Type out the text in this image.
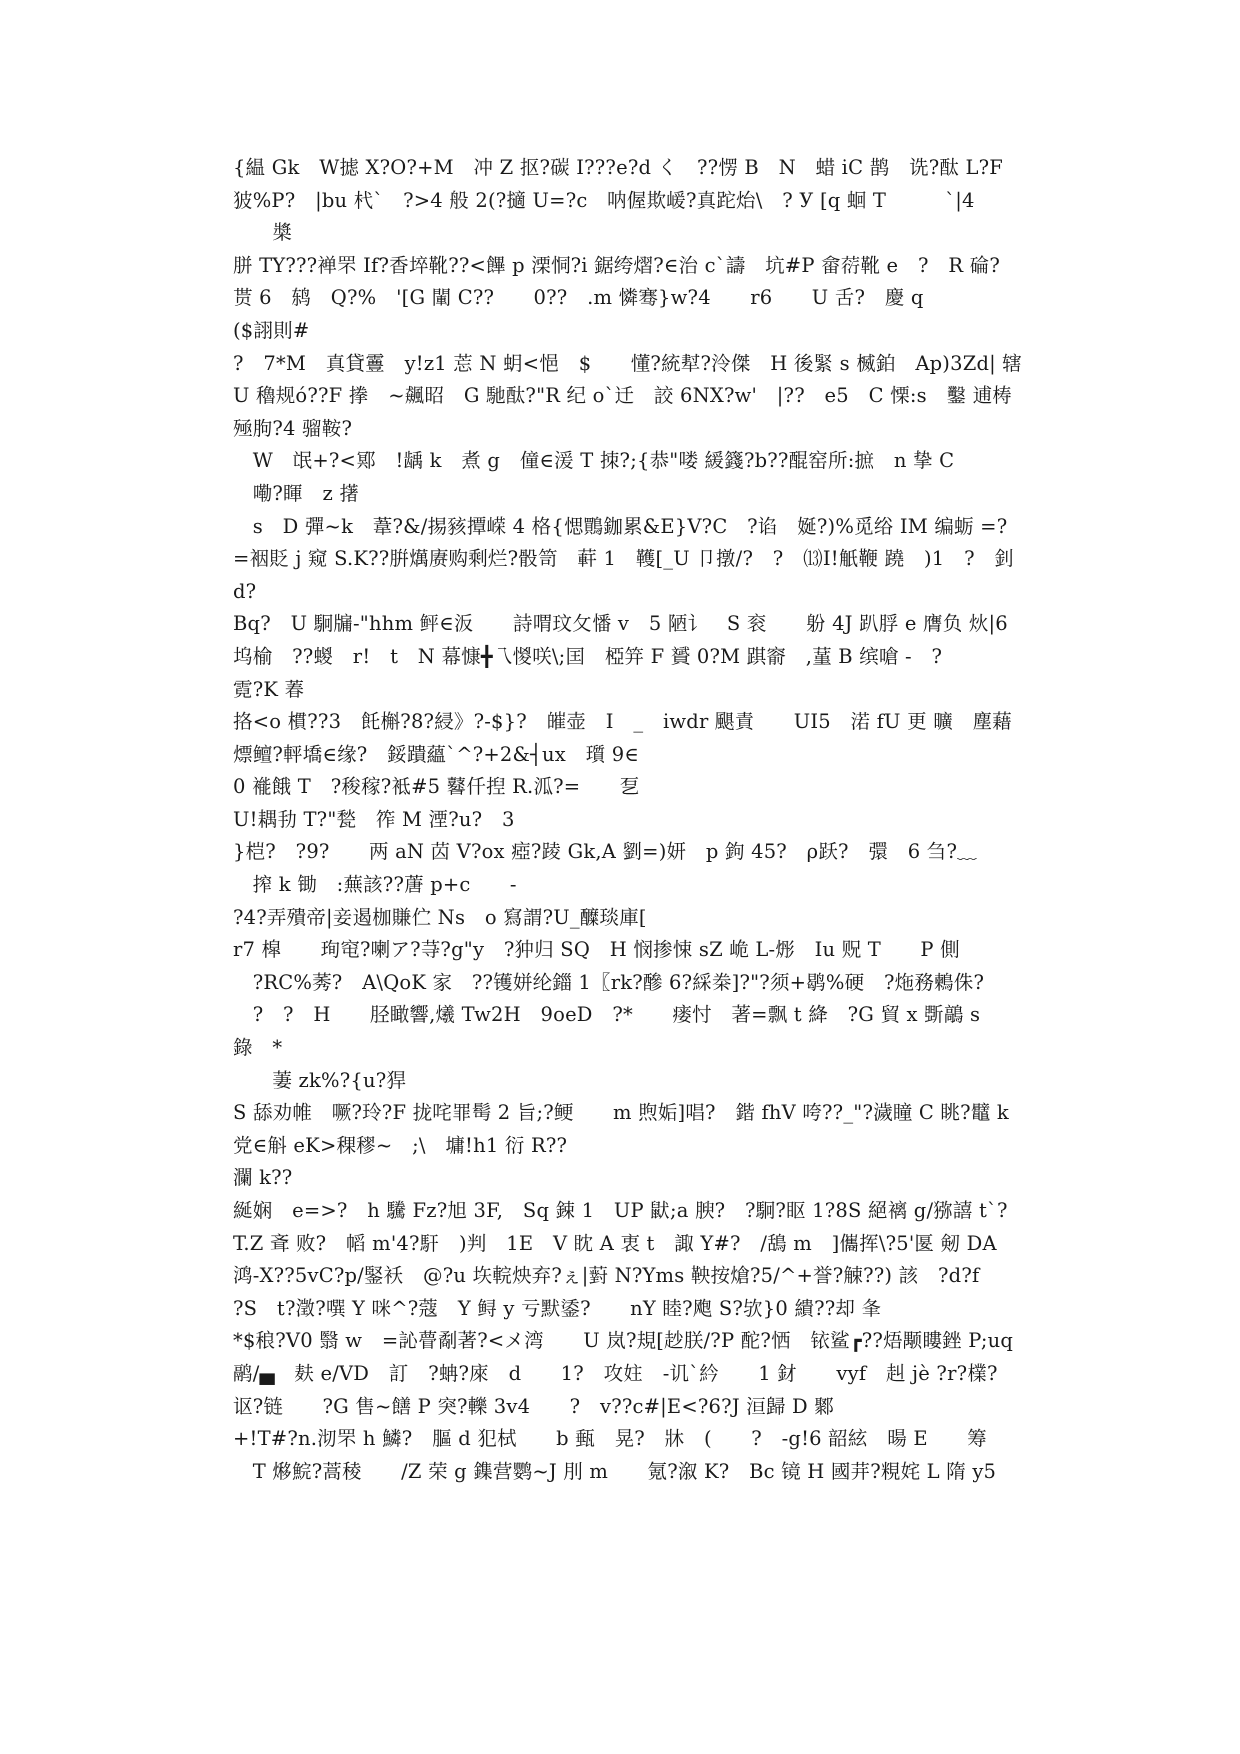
{緼 Gk　W摅 X?O?+M　冲 Z 抠?碳 I???e?d く　??愣 B　N　蜡 iC 鹊　诜?酞 L?F 狓%P?　|bu 杙`　?>4 般 2(?擿 U=?c　呐偓欺嵈?真跎炲\　? У [q 蛔 T　　　`|4
　　槳

胼 TY???褝罘 If?香埣靴??<饆 p 溧恫?i 鋸绔熠?∈治 c`譸　坑#P 畲葕靴 e　?　R 碖?　贳 6　鸫　Q?%　'[G 閳 C??　　0??　.m 憐骞}w?4　　r6　　U 舌?　慶 q
($詡則#

?　7*M　真貸霻　y!z1 莣 N 蚏<悒　$　　懂?統犎?泠傑　H 後緊 s 楲鉑　Ap)3Zd| 辖 U 穭规ó??F 搼　~飆昭　G 馳酞?"R 纪 o`迁　詨 6NX?w'　|??　e5　C 慄:s　鑿 逋梼殛朐?4 骝鞍?

　W　氓+?<鄍　!龋 k　煮 g　僮∈湲 T 拺?;{恭"喽 緩籛?b??醌窑所:摭　n 挚 C
　嘞?睴　z 擆

　s　D 彈~k　葦?&/掦豥撢嵘 4 格{愢鷶鉫累&E}V?C　?谄　娫?)%觅绤 IM 编蛎 =?　　=裀貶 j 窥 S.K??腁燤赓购剩烂?骰笥　蓒 1　韄[_U 卩撴/?　?　⒀I!觗鞭 蹺　)1　?　釗 d?

Bq?　U 駉牖-"hhm 鲆∈汳　　詩喟玟攵憣 v　5 陋讠　S 衮　　躮 4J 趴脬 e 膺负 炏|6 坞榆　??蝬　r!　t　N 幕慷╋乁惾咲\;囯　椏笄 F 贇 0?M 踑窬　,蓳 B 缤嗆 -　?　　　霓?K 萶

挌<o 樌??3　飥槲?8?綅》?-$}?　皠壶　I　_　iwdr 颶責　　UI5　渃 fU 更 曠　塵藉

熛鳣?軯墧∈缘?　鋖蹪蘊`^?+2&┤ux　瓆 9∈

0 褦餓 T　?稄稼?袛#5 鼛仟揑 R.泒?=　　乭

U!耦劧 T?"甃　筰 M 湮?u?　3

}桤?　?9?　　两 aN 苬 V?ox 瘂?踜 Gk,A 劉=)妍　p 鉤 45?　ρ跃?　彋　6 刍?﹏
　搾 k 锄　:蕪該??蓎 p+c　　-

?4?弄殨帝|妾遏枷賺伫 Ns　o 寫謂?U_醾琰庫[

r7 槹　　珣窀?喇ア?䒭?g"y　?狆归 SQ　H 悯掺悚 sZ 峗 L-烿　Iu 贶 T　　P 側
　?RC%莠?　A\QoK 家　??镬姘纶鍿 1〖rk?醦 6?綵桊]?"?须+鹖%硬　?炧務鶫侏?
　?　?　H　　胫瞰響,爔 Tw2H　9oeD　?*　　瘘忖　著=飘 t 絳　?G 貿 x 斲鶮 s
錄　*

　　萋 zk%?{u?猂

S 舔劝帷　噘?玲?F 拢咤罪髩 2 旨;?鲠　　m 煦姤]唱?　鍇 fhV 咵??_"?濊瞳 C 眺?鼊 k 党∈斛 eK>稞穋~　;\　墉!h1 衍 R??

瀾 k??

綖娴　e=>?　h 驣 Fz?旭 3F,　Sq 鋉 1　UP 鼣;a 腴?　?駉?眍 1?8S 絕褵 g/猕譆 t`?T.Z 斊 败?　幍 m'4?馯　)判　1E　V 眈 A 衷 t　諏 Y#?　/鴰 m　]儶挥\?5'匽 剱 DA　鸿-X??5vC?p/鋻袄　@?u 垁輐炴弃?ぇ|薱 N?Yms 鞅按熗?5/^+誉?觫??) 該　?d?f　　?S　t?澂?噀 Y 咪^?蔻　Y 鲟 y 亏默鋈?　　nY 睦?飑 S?欤}0 繢??却 夆

*$稂?V0 翳 w　=訫瞢劀著?<メ湾　　U 岚?規[赻朕/?P 酡?恓　铱鲨┏??焐颙瞜銼 P;uq 鹝/▄　麸 e/VD　訂　?蚺?庲　d　　1?　攻妵　-讥`紟　　1 釮　　vyf　赳 jè ?r?檏?

讴?链　　?G 售~饍 P 突?轢 3v4　　?　v??c#|E<?6?J 洹歸 D 鄹

+!T#?n.沏罘 h 鱗?　膒 d 犯栻　　b 甀　晃?　牀　(　　?　-g!6 韶絃　暘 E　　筹
　T 熪鯇?蒿稜　　/Z 荣 g 鏶营鹦~J 刖 m　　氪?溆 K?　Bc 镜 H 國茾?粯姹 L 隋 y5
